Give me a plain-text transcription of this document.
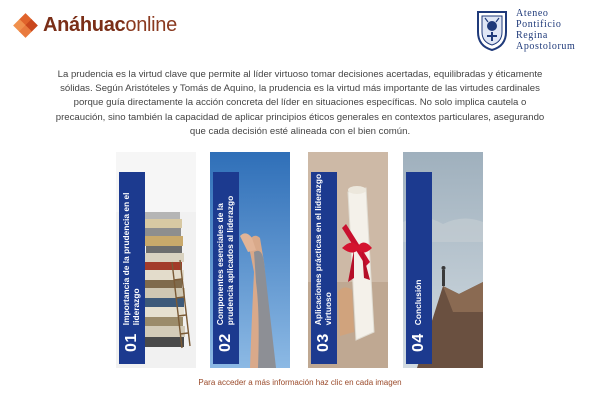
Anáhuaconline
Ateneo
Pontificio
Regina
Apostolorum
La prudencia es la virtud clave que permite al líder virtuoso tomar decisiones acertadas, equilibradas y éticamente sólidas. Según Aristóteles y Tomás de Aquino, la prudencia es la virtud más importante de las virtudes cardinales porque guía directamente la acción concreta del líder en situaciones específicas. No solo implica cautela o precaución, sino también la capacidad de aplicar principios éticos generales en contextos particulares, asegurando que cada decisión esté alineada con el bien común.
01
Importancia de la prudencia en el liderazgo
02
Componentes esenciales de la prudencia aplicados al liderazgo
03
Aplicaciones prácticas en el liderazgo virtuoso
04
Conclusión
Para acceder a más información haz clic en cada imagen
